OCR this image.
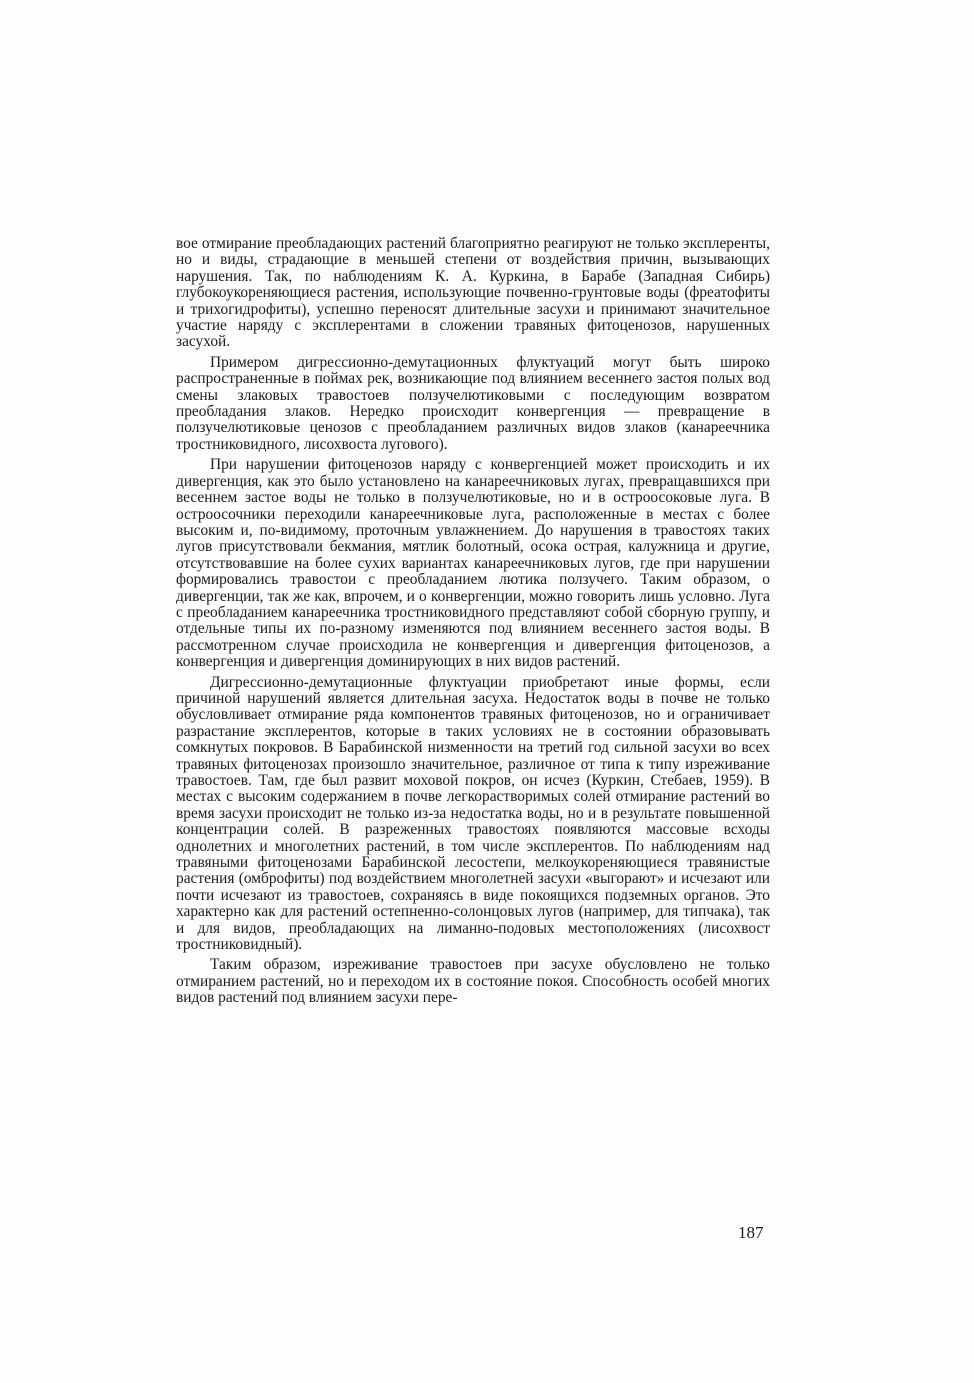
вое отмирание преобладающих растений благоприятно реагируют не только эксплеренты, но и виды, страдающие в меньшей степени от воздействия причин, вызывающих нарушения. Так, по наблюдениям К. А. Куркина, в Барабе (Западная Сибирь) глубокоукореняющиеся растения, использующие почвенно-грунтовые воды (фреатофиты и трихогидрофиты), успешно переносят длительные засухи и принимают значительное участие наряду с эксплерентами в сложении травяных фитоценозов, нарушенных засухой.

Примером дигрессионно-демутационных флуктуаций могут быть широко распространенные в поймах рек, возникающие под влиянием весеннего застоя полых вод смены злаковых травостоев ползучелютиковыми с последующим возвратом преобладания злаков. Нередко происходит конвергенция — превращение в ползучелютиковые ценозов с преобладанием различных видов злаков (канареечника тростниковидного, лисохвоста лугового).

При нарушении фитоценозов наряду с конвергенцией может происходить и их дивергенция, как это было установлено на канареечниковых лугах, превращавшихся при весеннем застое воды не только в ползучелютиковые, но и в остроосоковые луга. В остроосочники переходили канареечниковые луга, расположенные в местах с более высоким и, по-видимому, проточным увлажнением. До нарушения в травостоях таких лугов присутствовали бекмания, мятлик болотный, осока острая, калужница и другие, отсутствовавшие на более сухих вариантах канареечниковых лугов, где при нарушении формировались травостои с преобладанием лютика ползучего. Таким образом, о дивергенции, так же как, впрочем, и о конвергенции, можно говорить лишь условно. Луга с преобладанием канареечника тростниковидного представляют собой сборную группу, и отдельные типы их по-разному изменяются под влиянием весеннего застоя воды. В рассмотренном случае происходила не конвергенция и дивергенция фитоценозов, а конвергенция и дивергенция доминирующих в них видов растений.

Дигрессионно-демутационные флуктуации приобретают иные формы, если причиной нарушений является длительная засуха. Недостаток воды в почве не только обусловливает отмирание ряда компонентов травяных фитоценозов, но и ограничивает разрастание эксплерентов, которые в таких условиях не в состоянии образовывать сомкнутых покровов. В Барабинской низменности на третий год сильной засухи во всех травяных фитоценозах произошло значительное, различное от типа к типу изреживание травостоев. Там, где был развит моховой покров, он исчез (Куркин, Стебаев, 1959). В местах с высоким содержанием в почве легкорастворимых солей отмирание растений во время засухи происходит не только из-за недостатка воды, но и в результате повышенной концентрации солей. В разреженных травостоях появляются массовые всходы однолетних и многолетних растений, в том числе эксплерентов. По наблюдениям над травяными фитоценозами Барабинской лесостепи, мелкоукореняющиеся травянистые растения (омброфиты) под воздействием многолетней засухи «выгорают» и исчезают или почти исчезают из травостоев, сохраняясь в виде покоящихся подземных органов. Это характерно как для растений остепненно-солонцовых лугов (например, для типчака), так и для видов, преобладающих на лиманно-подовых местоположениях (лисохвост тростниковидный).

Таким образом, изреживание травостоев при засухе обусловлено не только отмиранием растений, но и переходом их в состояние покоя. Способность особей многих видов растений под влиянием засухи пере-

187
